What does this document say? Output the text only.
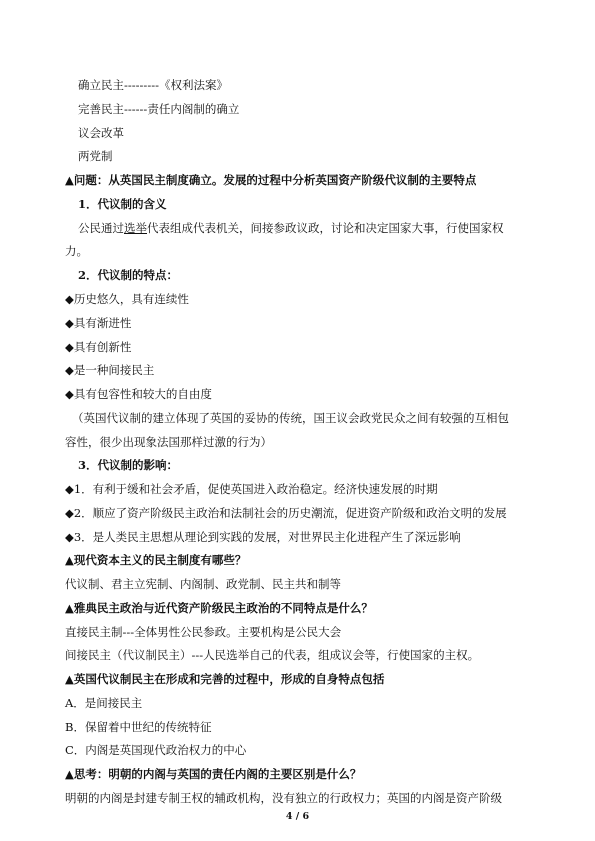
确立民主---------《权利法案》
完善民主------责任内阁制的确立
议会改革
两党制
▲问题：从英国民主制度确立。发展的过程中分析英国资产阶级代议制的主要特点
1．代议制的含义
公民通过选举代表组成代表机关，间接参政议政，讨论和决定国家大事，行使国家权
力。
2．代议制的特点：
◆历史悠久，具有连续性
◆具有渐进性
◆具有创新性
◆是一种间接民主
◆具有包容性和较大的自由度
（英国代议制的建立体现了英国的妥协的传统，国王议会政党民众之间有较强的互相包
容性，很少出现象法国那样过激的行为）
3．代议制的影响：
◆1．有利于缓和社会矛盾，促使英国进入政治稳定。经济快速发展的时期
◆2．顺应了资产阶级民主政治和法制社会的历史潮流，促进资产阶级和政治文明的发展
◆3．是人类民主思想从理论到实践的发展，对世界民主化进程产生了深远影响
▲现代资本主义的民主制度有哪些？
代议制、君主立宪制、内阁制、政党制、民主共和制等
▲雅典民主政治与近代资产阶级民主政治的不同特点是什么？
直接民主制---全体男性公民参政。主要机构是公民大会
间接民主（代议制民主）---人民选举自己的代表，组成议会等，行使国家的主权。
▲英国代议制民主在形成和完善的过程中，形成的自身特点包括
A．是间接民主
B．保留着中世纪的传统特征
C．内阁是英国现代政治权力的中心
▲思考：明朝的内阁与英国的责任内阁的主要区别是什么？
明朝的内阁是封建专制王权的辅政机构，没有独立的行政权力；英国的内阁是资产阶级
4 / 6
